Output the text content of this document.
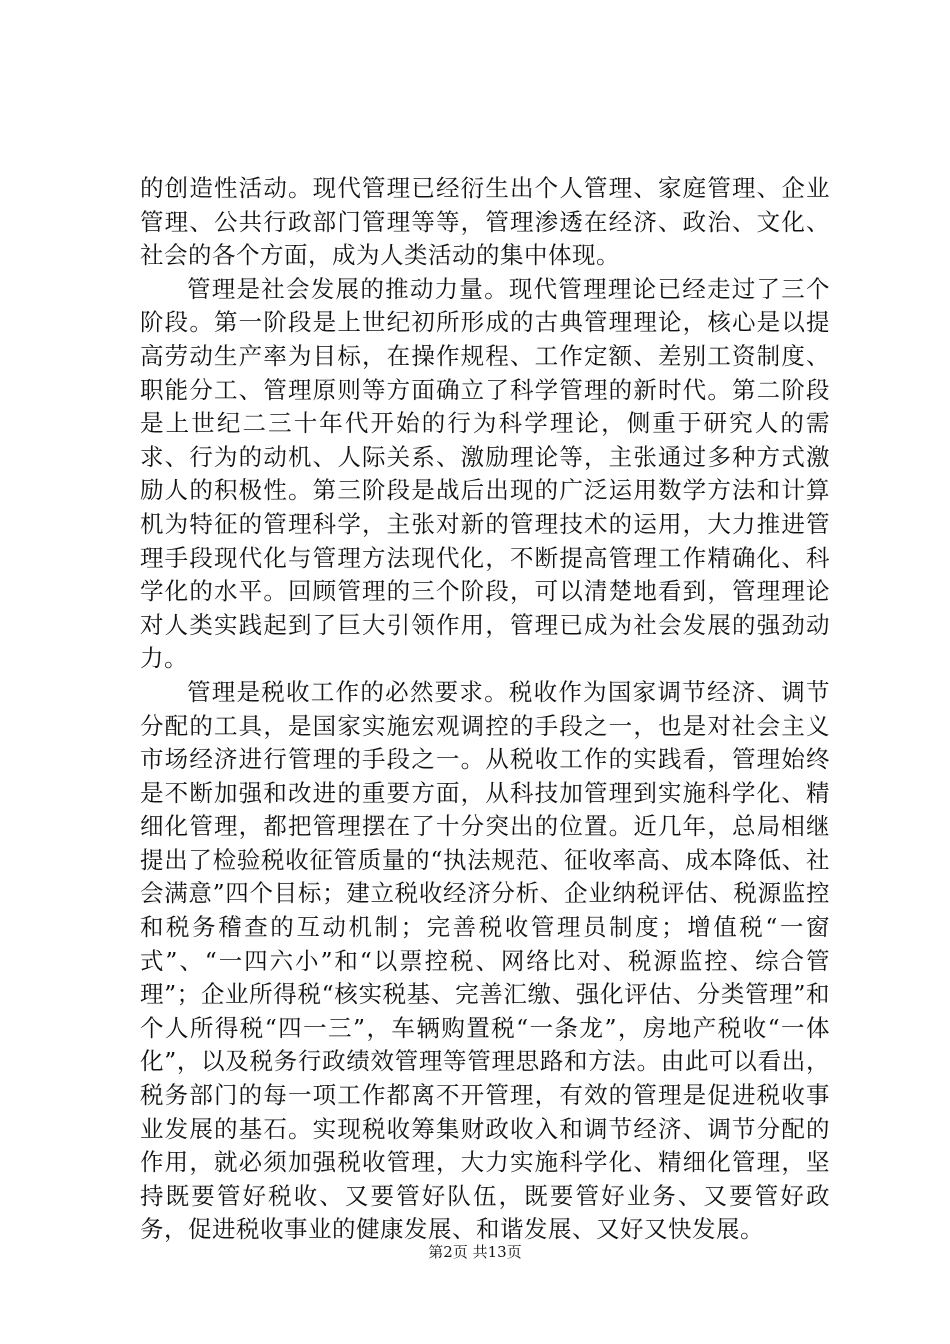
的创造性活动。现代管理已经衍生出个人管理、家庭管理、企业管理、公共行政部门管理等等，管理渗透在经济、政治、文化、社会的各个方面，成为人类活动的集中体现。

管理是社会发展的推动力量。现代管理理论已经走过了三个阶段。第一阶段是上世纪初所形成的古典管理理论，核心是以提高劳动生产率为目标，在操作规程、工作定额、差别工资制度、职能分工、管理原则等方面确立了科学管理的新时代。第二阶段是上世纪二三十年代开始的行为科学理论，侧重于研究人的需求、行为的动机、人际关系、激励理论等，主张通过多种方式激励人的积极性。第三阶段是战后出现的广泛运用数学方法和计算机为特征的管理科学，主张对新的管理技术的运用，大力推进管理手段现代化与管理方法现代化，不断提高管理工作精确化、科学化的水平。回顾管理的三个阶段，可以清楚地看到，管理理论对人类实践起到了巨大引领作用，管理已成为社会发展的强劲动力。

管理是税收工作的必然要求。税收作为国家调节经济、调节分配的工具，是国家实施宏观调控的手段之一，也是对社会主义市场经济进行管理的手段之一。从税收工作的实践看，管理始终是不断加强和改进的重要方面，从科技加管理到实施科学化、精细化管理，都把管理摆在了十分突出的位置。近几年，总局相继提出了检验税收征管质量的“执法规范、征收率高、成本降低、社会满意”四个目标；建立税收经济分析、企业纳税评估、税源监控和税务稽查的互动机制；完善税收管理员制度；增值税“一窗式”、“一四六小”和“以票控税、网络比对、税源监控、综合管理”；企业所得税“核实税基、完善汇缴、强化评估、分类管理”和个人所得税“四一三”，车辆购置税“一条龙”，房地产税收“一体化”，以及税务行政绩效管理等管理思路和方法。由此可以看出，税务部门的每一项工作都离不开管理，有效的管理是促进税收事业发展的基石。实现税收筹集财政收入和调节经济、调节分配的作用，就必须加强税收管理，大力实施科学化、精细化管理，坚持既要管好税收、又要管好队伍，既要管好业务、又要管好政务，促进税收事业的健康发展、和谐发展、又好又快发展。

第2页 共13页
